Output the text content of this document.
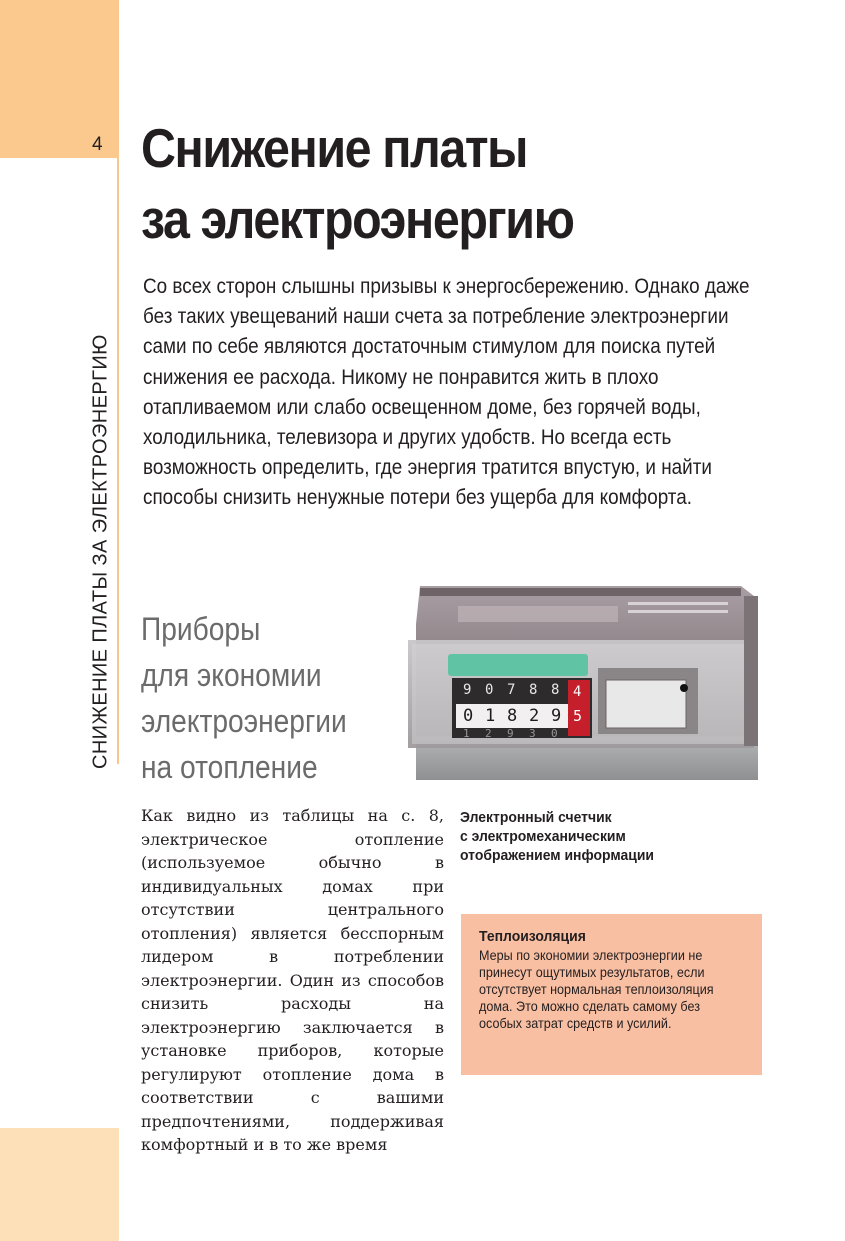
4
СНИЖЕНИЕ ПЛАТЫ ЗА ЭЛЕКТРОЭНЕРГИЮ
Снижение платы
за электроэнергию

Со всех сторон слышны призывы к энергосбережению. Однако даже без таких увещеваний наши счета за потребление электроэнергии сами по себе являются достаточным стимулом для поиска путей снижения ее расхода. Никому не понравится жить в плохо отапливаемом или слабо освещенном доме, без горячей воды, холодильника, телевизора и других удобств. Но всегда есть возможность определить, где энергия тратится впустую, и найти способы снизить ненужные потери без ущерба для комфорта.

Приборы
для экономии
электроэнергии
на отопление
9 0 7 8 8
0 1 8 2 9
1 2 9 3 0
4
5

Электронный счетчик
с электромеханическим
отображением информации

Как видно из таблицы на с. 8, электрическое отопление (используемое обычно в индивидуальных домах при отсутствии центрального отопления) является бесспорным лидером в потреблении электроэнергии. Один из способов снизить расходы на электроэнергию заключается в установке приборов, которые регулируют отопление дома в соответствии с вашими предпочтениями, поддерживая комфортный и в то же время

Теплоизоляция
Меры по экономии электроэнергии не принесут ощутимых результатов, если отсутствует нормальная теплоизоляция дома. Это можно сделать самому без особых затрат средств и усилий.
